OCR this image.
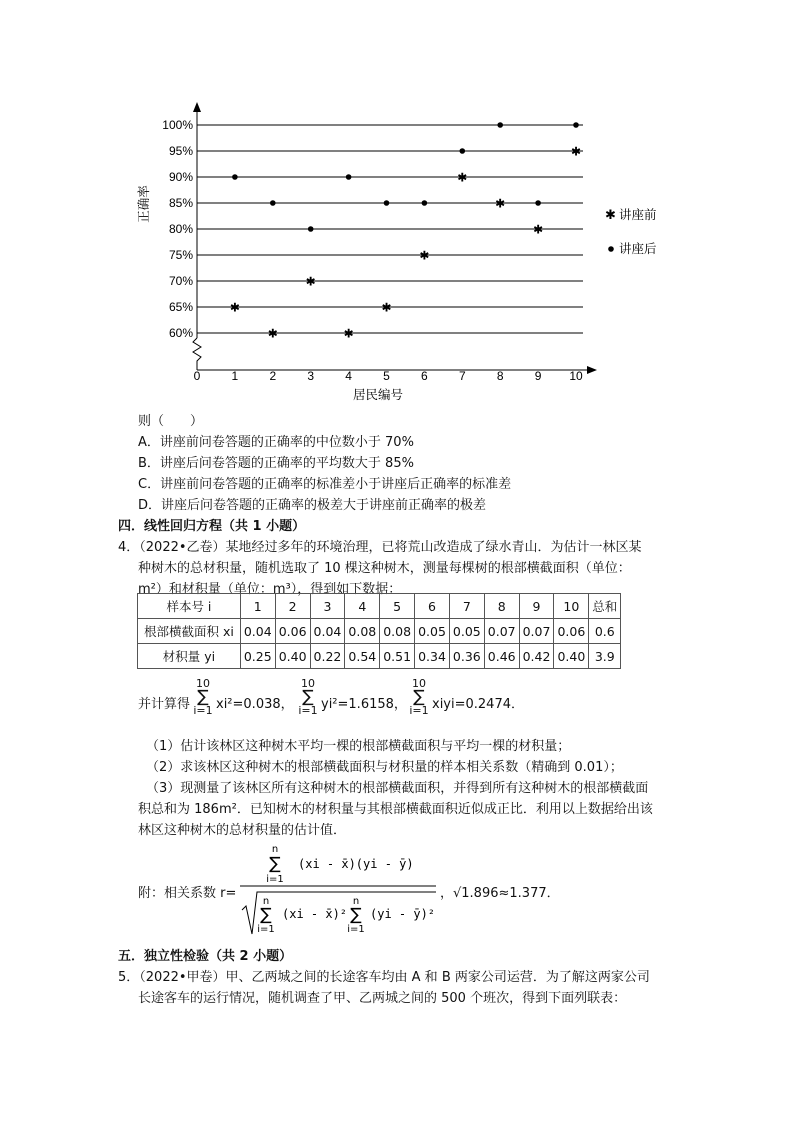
60%
65%
70%
75%
80%
85%
90%
95%
100%
0	1	2	3	4	5	6	7	8	9 10
✱
✱
✱
✱
✱
✱
✱
✱
✱
✱
居民编号
正确率	✱ 讲座前
讲座后
则（　　）
A．讲座前问卷答题的正确率的中位数小于 70%
B．讲座后问卷答题的正确率的平均数大于 85%
C．讲座前问卷答题的正确率的标准差小于讲座后正确率的标准差
D．讲座后问卷答题的正确率的极差大于讲座前正确率的极差
四．线性回归方程（共 1 小题）
4．（2022•乙卷）某地经过多年的环境治理，已将荒山改造成了绿水青山．为估计一林区某
种树木的总材积量，随机选取了 10 棵这种树木，测量每棵树的根部横截面积（单位：
m²）和材积量（单位：m³），得到如下数据：
样本号 i	1	2	3	4	5	6	7	8	9	10	总和
根部横截面积 xi	0.04	0.06	0.04	0.08	0.08	0.05	0.05	0.07	0.07	0.06	0.6
材积量 yi	0.25	0.40	0.22	0.54	0.51	0.34	0.36	0.46	0.42	0.40	3.9
并计算得
10
∑
i=1 xi²=0.038，
10
∑
i=1 yi²=1.6158，
10
∑
i=1 xiyi=0.2474．
（1）估计该林区这种树木平均一棵的根部横截面积与平均一棵的材积量；
（2）求该林区这种树木的根部横截面积与材积量的样本相关系数（精确到 0.01）；
（3）现测量了该林区所有这种树木的根部横截面积，并得到所有这种树木的根部横截面
积总和为 186m²．已知树木的材积量与其根部横截面积近似成正比．利用以上数据给出该
林区这种树木的总材积量的估计值．
附：相关系数 r=
n
∑
i=1
(xi - x̄)(yi - ȳ)
n
∑
i=1
(xi - x̄)²
n
∑
i=1
(yi - ȳ)²
，√1.896≈1.377．
五．独立性检验（共 2 小题）
5．（2022•甲卷）甲、乙两城之间的长途客车均由 A 和 B 两家公司运营．为了解这两家公司
长途客车的运行情况，随机调查了甲、乙两城之间的 500 个班次，得到下面列联表：
